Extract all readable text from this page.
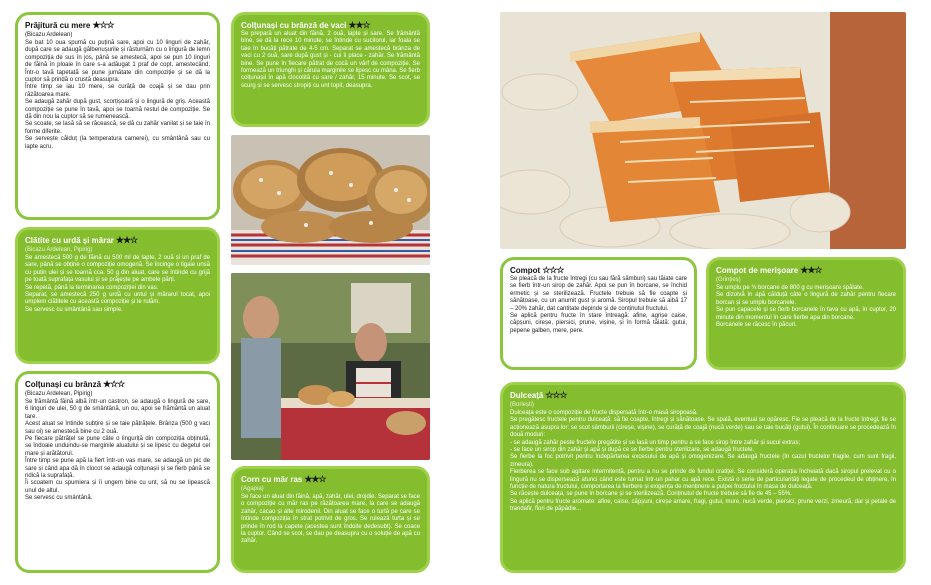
Prăjitură cu mere ★☆☆
(Bicazu Ardelean)

Se bat 10 oua spumă cu puțină sare, apoi cu 10 linguri de zahăr, după care se adaugă gălbenușurile și răsturnăm cu o lingură de lemn compoziția de sus în jos, până se amestecă, apoi se pun 10 linguri de făină în ploaie în care s-a adăugat 1 praf de copt, amestecând. Într-o tavă tapetată se pune jumătate din compoziție și se dă la cuptor să prindă o crustă deasupra.

Între timp se iau 10 mere, se curăță de coajă și se dau prin răzătoarea mare.

Se adaugă zahăr după gust, scorțișoară și o lingură de griș. Această compoziție se pune în tavă, apoi se toarnă restul de compoziție. Se dă din nou la cuptor să se rumenească.

Se scoate, se lasă să se răcească, se dă cu zahăr vanilat și se taie în forme diferite.

Se servește călduț (la temperatura camerei), cu smântână sau cu lapte acru.

Clătite cu urdă și mărar ★★☆
(Bicazu Ardelean, Pipirig)

Se amestecă 500 g de făină cu 500 ml de lapte, 2 ouă și un praf de sare, până se obține o compoziție omogenă. Se încinge o tigaie unsă cu puțin ulei și se toarnă cca. 50 g din aluat, care se întinde cu grijă pe toată suprafața vasului și se prăjește pe ambele părți.

Se repetă, până la terminarea compoziției din vas.

Separat, se amestecă 250 g urdă cu untul și mărarul tocat, apoi umplem clătitele cu această compoziție și le rulăm.

Se servesc cu smântână sau simple.

Colțunași cu brânză ★☆☆
(Bicazu Ardelean, Pipirig)

Se frământă făină albă într-un castron, se adaugă o lingură de sare, 6 linguri de ulei, 50 g de smântână, un ou, apoi se frământă un aluat tare.

Acest aluat se întinde subțire și se taie pătrățele. Brânza (500 g vaci sau oi) se amestecă bine cu 2 ouă.

Pe fiecare pătrățel se pune câte o linguriță din compoziția obținută, se îndoaie unduindu-se marginile aluatului și se lipesc cu degetul cel mare și arătătorul.

Între timp se pune apă la fiert într-un vas mare, se adaugă un pic de sare și când apa dă în clocot se adaugă colțunașii și se fierb până se ridică la suprafață.

Îi scoatem cu spumiera și îi ungem bine cu unt, să nu se lipească unul de altul.

Se servesc cu smântână.

Colțunași cu brânză de vaci ★★☆

Se prepară un aluat din făină, 2 ouă, lapte și sare. Se frământă bine, se dă la rece 10 minute, se întinde cu sucitorul, iar foaia se taie în bucăți pătrate de 4-5 cm. Separat se amestecă brânza de vaci cu 2 ouă, sare după gust și - cui îi place - zahăr. Se frământă bine. Se pune în fiecare pătrat de cocă un vârf de compoziție. Se formează un triunghi și căruia marginile se lipesc cu mâna. Se fierb colțunașii în apă clocotită cu sare / zahăr, 15 minute. Se scot, se scurg și se servesc stropiți cu unt topit, deasupra.

Corn cu măr ras ★★☆
(Agapia)

Se face un aluat din făină, apă, zahăr, ulei, drojdie. Separat se face o compoziție cu măr ras pe răzătoarea mare, la care se adaugă zahăr, cacao și alte mirodenii. Din aluat se face o turtă pe care se întinde compoziția în strat potrivit de gros. Se rulează turta și se prinde în rod la capete (acestea sunt îndoite dedesubt). Se coace la cuptor. Când se scot, se dau pe deasupra cu o soluție de apă cu zahăr.

Compot ☆☆☆

Se pleacă de la fructe întregi (cu sau fără sâmburi) sau tăiate care se fierb într-un sirop de zahăr. Apoi se pun în borcane, se închid ermetic și se sterilizează. Fructele trebuie să fie coapte și sănătoase, cu un anumit gust și aromă. Siropul trebuie să aibă 17 – 20% zahăr, dat cantitate depinde și de conținutul fructului.

Se aplică pentru fructe în stare întreagă: afine, agrișe caise, căpșuni, cireșe, piersici, prune, vișine, și în formă tăiată: gutui, pepene galben, mere, pere.

Compot de merișoare ★★☆
(Grinţieș)

Se umplu pe ¾ borcane de 800 g cu merișoare spălate.

Se dizolvă în apă călduță câte o lingură de zahăr pentru fiecare borcan și se umplu borcanele.

Se pun capacele și se fierb borcanele în tava cu apă, în cuptor, 20 minute din momentul în care fierbe apa din borcane.

Borcanele se răcesc în păcuri.

Dulceață ☆☆☆
(Borlești)

Dulceața este o compoziție de fructe dispersată într-o masă siropoasă.

Se pregătesc fructele pentru dulceață: să fie coapte, întregi și sănătoase. Se spală, eventual se opăresc. Fie se pleacă de la fructe întregi, fie se acționează asupra lor: se scot sâmburii (cireșe, vișine), se curăță de coajă (nucă verde) sau se taie bucăți (gutui). În continuare se procedează în două moduri:

- se adaugă zahăr peste fructele pregătite și se lasă un timp pentru a se face sirop între zahăr și sucul extras;

- se face un sirop din zahăr și apă și după ce se fierbe pentru sterilizare, se adaugă fructele.

Se fierbe la foc potrivit pentru îndepărtarea excesului de apă și omogenizare. Se adaugă fructele (în cazul fructelor fragile, cum sunt fragii, zmeura).

Fierberea se face sub agitare intermitentă, pentru a nu se prinde de fundul cratiței. Se consideră operația încheiată dacă siropul prelevat cu o lingură nu se dispersează atunci când este turnat într-un pahar cu apă rece. Există o serie de particularități legate de procedeul de obținere, în funcție de natura fructului, comportarea la fierbere și exigența de menținere a pulpei fructului în masa de dulceață.

Se răcește dulceața, se pune în borcane și se sterilizează. Conținutul de fructe trebuie să fie de 45 – 55%.

Se aplică pentru fructe aromate: afine, caise, căpșuni, cireșe amare, fragi, gutui, mure, nucă verde, piersici, prune verzi, zmeură, dar și petale de trandafir, flori de păpădie...
